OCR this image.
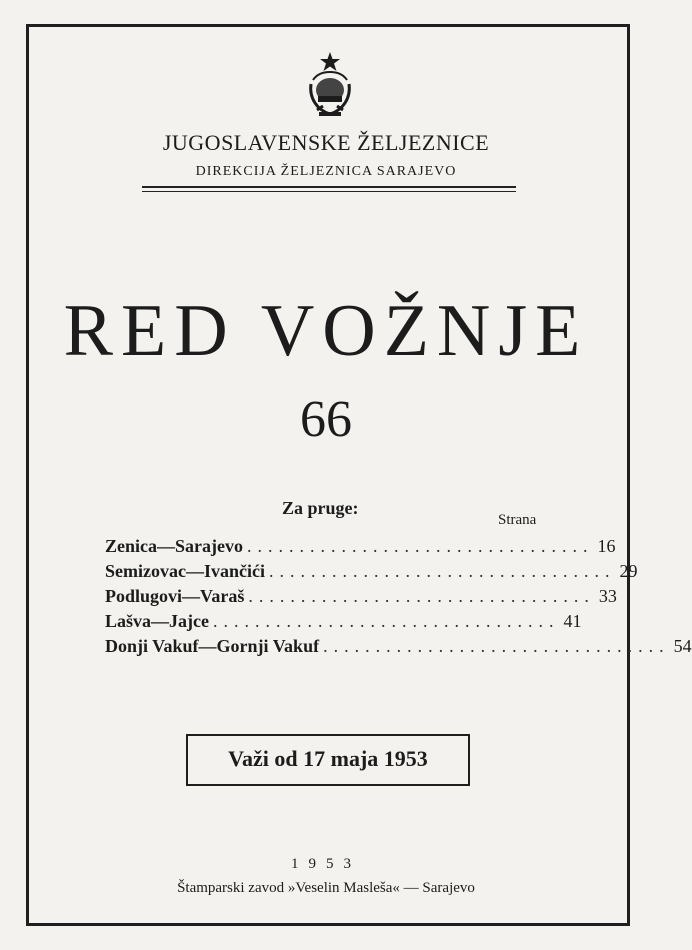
JUGOSLAVENSKE ŽELJEZNICE
DIREKCIJA ŽELJEZNICA SARAJEVO
RED VOŽNJE
66
Za pruge:
Strana
Zenica—Sarajevo ................................. 16
Semizovac—Ivančići ................................. 29
Podlugovi—Varaš ................................. 33
Lašva—Jajce ................................. 41
Donji Vakuf—Gornji Vakuf ................................. 54
Važi od 17 maja 1953
1953
Štamparski zavod »Veselin Masleša« — Sarajevo
